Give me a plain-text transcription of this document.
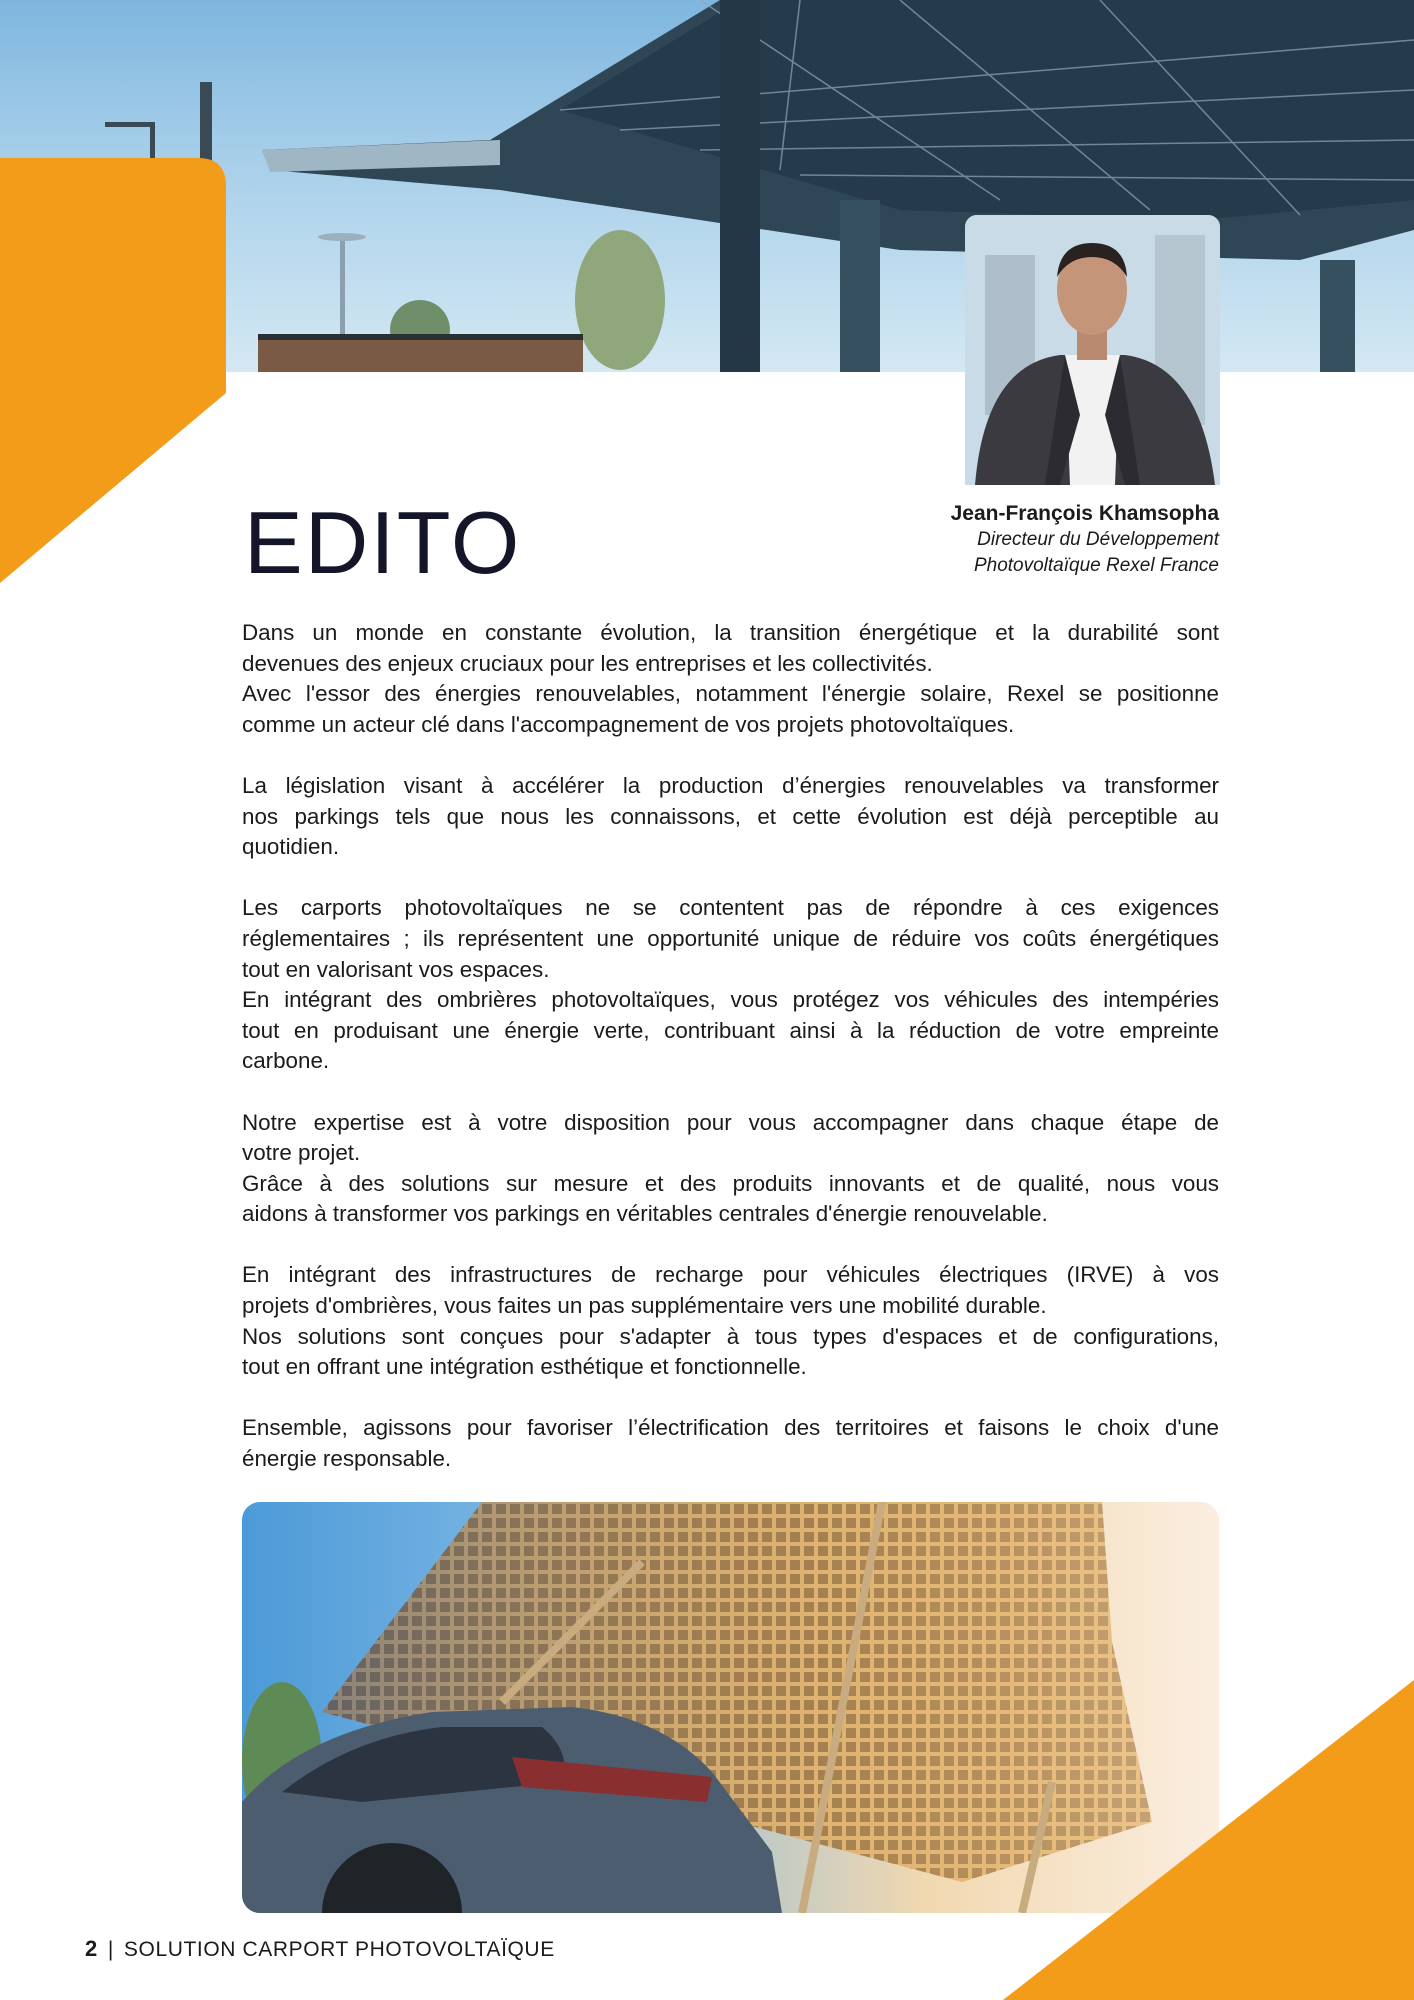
EDITO	Jean-François Khamsopha
Directeur du Développement
Photovoltaïque Rexel France
Dans un monde en constante évolution, la transition énergétique et la durabilité sont
devenues des enjeux cruciaux pour les entreprises et les collectivités.
Avec l'essor des énergies renouvelables, notamment l'énergie solaire, Rexel se positionne
comme un acteur clé dans l'accompagnement de vos projets photovoltaïques.
La législation visant à accélérer la production d’énergies renouvelables va transformer
nos parkings tels que nous les connaissons, et cette évolution est déjà perceptible au
quotidien.
Les carports photovoltaïques ne se contentent pas de répondre à ces exigences
réglementaires ; ils représentent une opportunité unique de réduire vos coûts énergétiques
tout en valorisant vos espaces.
En intégrant des ombrières photovoltaïques, vous protégez vos véhicules des intempéries
tout en produisant une énergie verte, contribuant ainsi à la réduction de votre empreinte
carbone.
Notre expertise est à votre disposition pour vous accompagner dans chaque étape de
votre projet.
Grâce à des solutions sur mesure et des produits innovants et de qualité, nous vous
aidons à transformer vos parkings en véritables centrales d'énergie renouvelable.
En intégrant des infrastructures de recharge pour véhicules électriques (IRVE) à vos
projets d'ombrières, vous faites un pas supplémentaire vers une mobilité durable.
Nos solutions sont conçues pour s'adapter à tous types d'espaces et de configurations,
tout en offrant une intégration esthétique et fonctionnelle.
Ensemble, agissons pour favoriser l’électrification des territoires et faisons le choix d'une
énergie responsable.
2 | SOLUTION CARPORT PHOTOVOLTAÏQUE
